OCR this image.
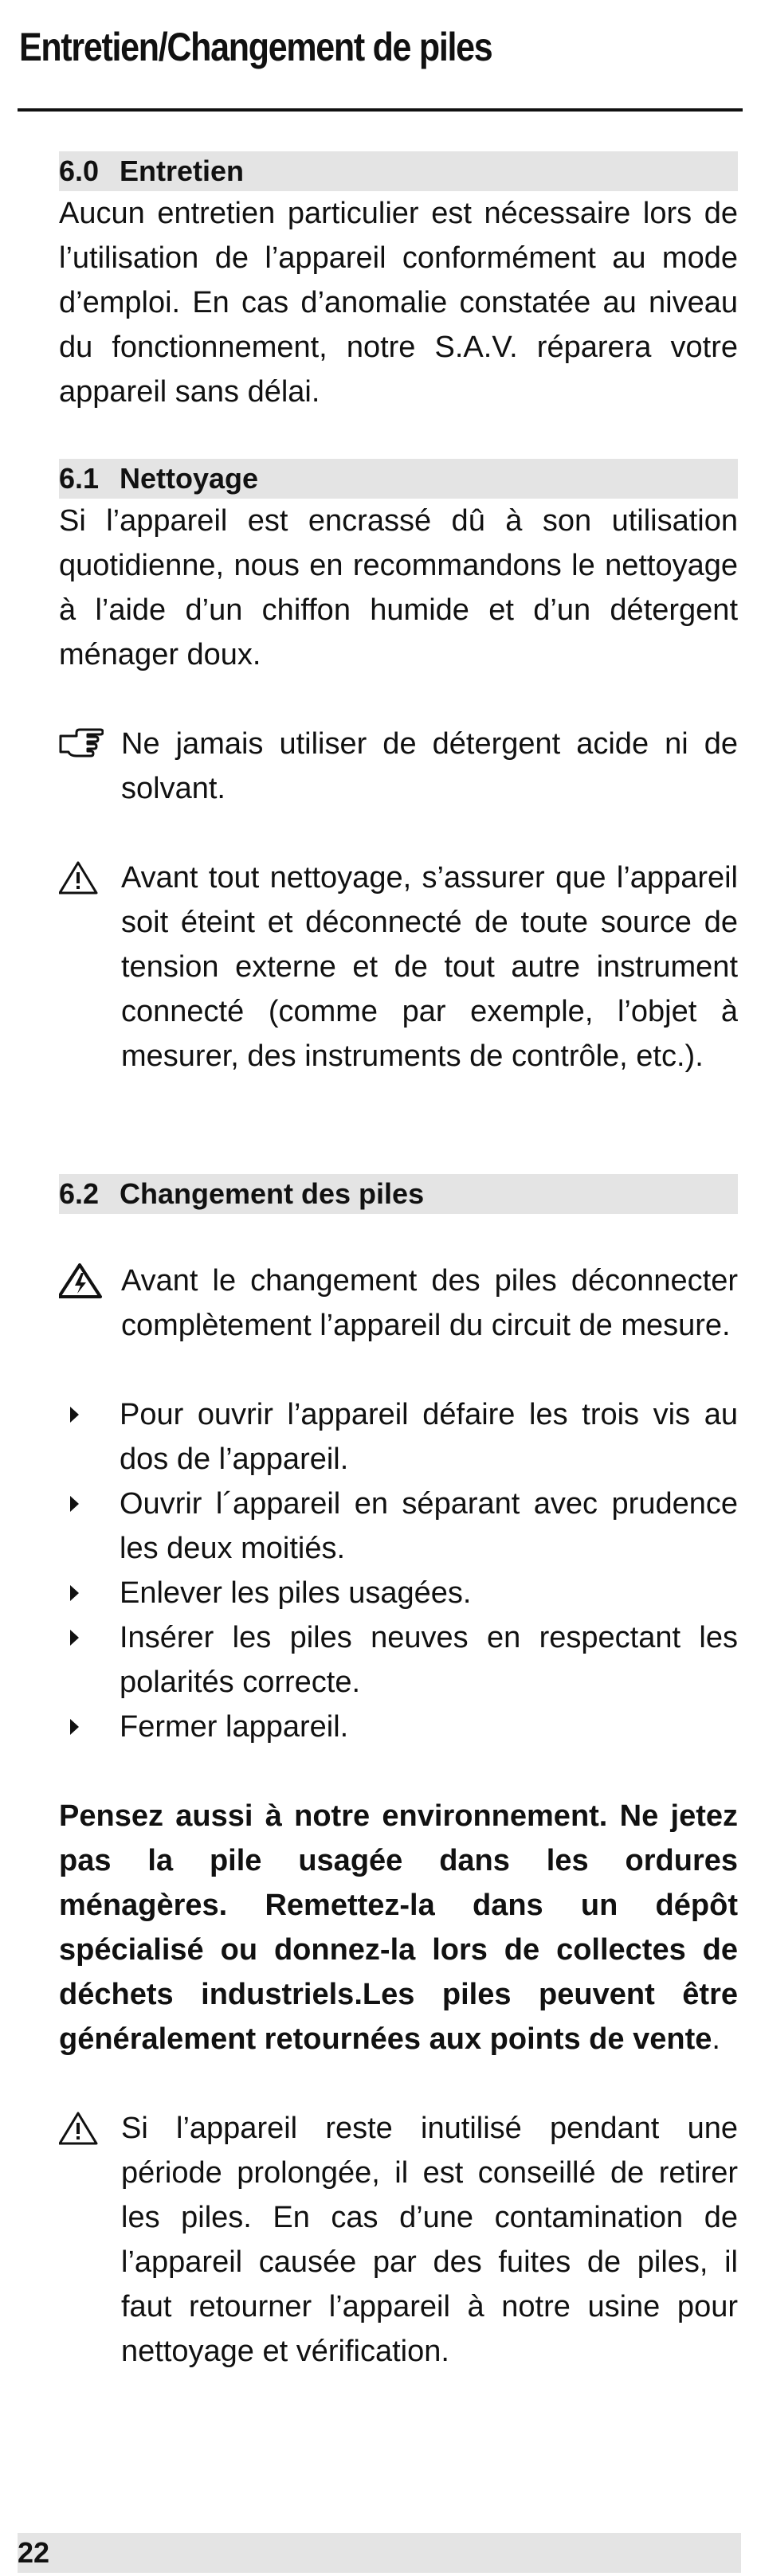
Entretien/Changement de piles
6.0 Entretien

Aucun entretien particulier est nécessaire lors de l’utilisation de l’appareil conformément au mode d’emploi. En cas d’anomalie constatée au niveau du fonctionnement, notre S.A.V. réparera votre appareil sans délai.

6.1 Nettoyage

Si l’appareil est encrassé dû à son utilisation quotidienne, nous en recommandons le nettoyage à l’aide d’un chiffon humide et d’un détergent ménager doux.

Ne jamais utiliser de détergent acide ni de solvant.
Avant tout nettoyage, s’assurer que l’appareil soit éteint et déconnecté de toute source de tension externe et de tout autre instrument connecté (comme par exemple, l’objet à mesurer, des instruments de contrôle, etc.).
6.2 Changement des piles
Avant le changement des piles déconnecter complètement l’appareil du circuit de mesure.
Pour ouvrir l’appareil défaire les trois vis au dos de l’appareil.
Ouvrir l´appareil en séparant avec prudence les deux moitiés.
Enlever les piles usagées.
Insérer les piles neuves en respectant les polarités correcte.
Fermer lappareil.

Pensez aussi à notre environnement. Ne jetez pas la pile usagée dans les ordures ménagères. Remettez-la dans un dépôt spécialisé ou donnez-la lors de collectes de déchets industriels.Les piles peuvent être généralement retournées aux points de vente.

Si l’appareil reste inutilisé pendant une période prolongée, il est conseillé de retirer les piles. En cas d’une contamination de l’appareil causée par des fuites de piles, il faut retourner l’appareil à notre usine pour nettoyage et vérification.
22
